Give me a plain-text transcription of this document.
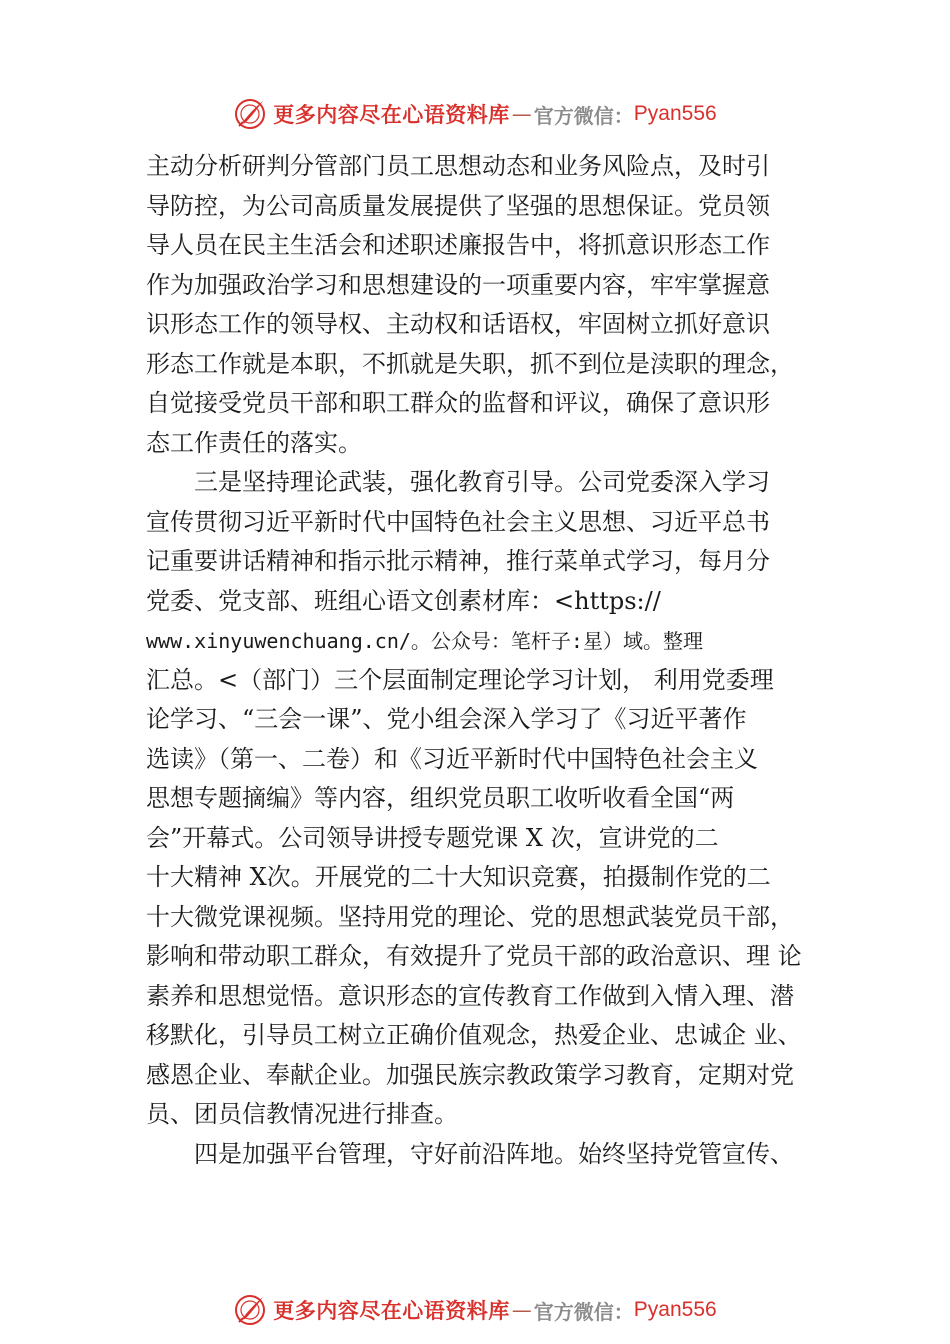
更多内容尽在心语资料库 — 官方微信： Pyan556
主动分析研判分管部门员工思想动态和业务风险点，及时引
导防控，为公司高质量发展提供了坚强的思想保证。党员领
导人员在民主生活会和述职述廉报告中，将抓意识形态工作
作为加强政治学习和思想建设的一项重要内容，牢牢掌握意
识形态工作的领导权、主动权和话语权，牢固树立抓好意识
形态工作就是本职，不抓就是失职，抓不到位是渎职的理念，
自觉接受党员干部和职工群众的监督和评议，确保了意识形
态工作责任的落实。
三是坚持理论武装，强化教育引导。公司党委深入学习
宣传贯彻习近平新时代中国特色社会主义思想、习近平总书
记重要讲话精神和指示批示精神，推行菜单式学习，每月分
党委、党支部、班组心语文创素材库：<https://
www.xinyuwenchuang.cn/。公众号：笔杆子:星）域。整理
汇总。<（部门）三个层面制定理论学习计划， 利用党委理
论学习、“三会一课”、党小组会深入学习了《习近平著作
选读》（第一、二卷）和《习近平新时代中国特色社会主义
思想专题摘编》等内容，组织党员职工收听收看全国“两
会”开幕式。公司领导讲授专题党课 X 次，宣讲党的二
十大精神 X次。开展党的二十大知识竞赛，拍摄制作党的二
十大微党课视频。坚持用党的理论、党的思想武装党员干部，
影响和带动职工群众，有效提升了党员干部的政治意识、理 论
素养和思想觉悟。意识形态的宣传教育工作做到入情入理、潜
移默化，引导员工树立正确价值观念，热爱企业、忠诚企 业、
感恩企业、奉献企业。加强民族宗教政策学习教育，定期对党
员、团员信教情况进行排查。
四是加强平台管理，守好前沿阵地。始终坚持党管宣传、
更多内容尽在心语资料库 — 官方微信： Pyan556
